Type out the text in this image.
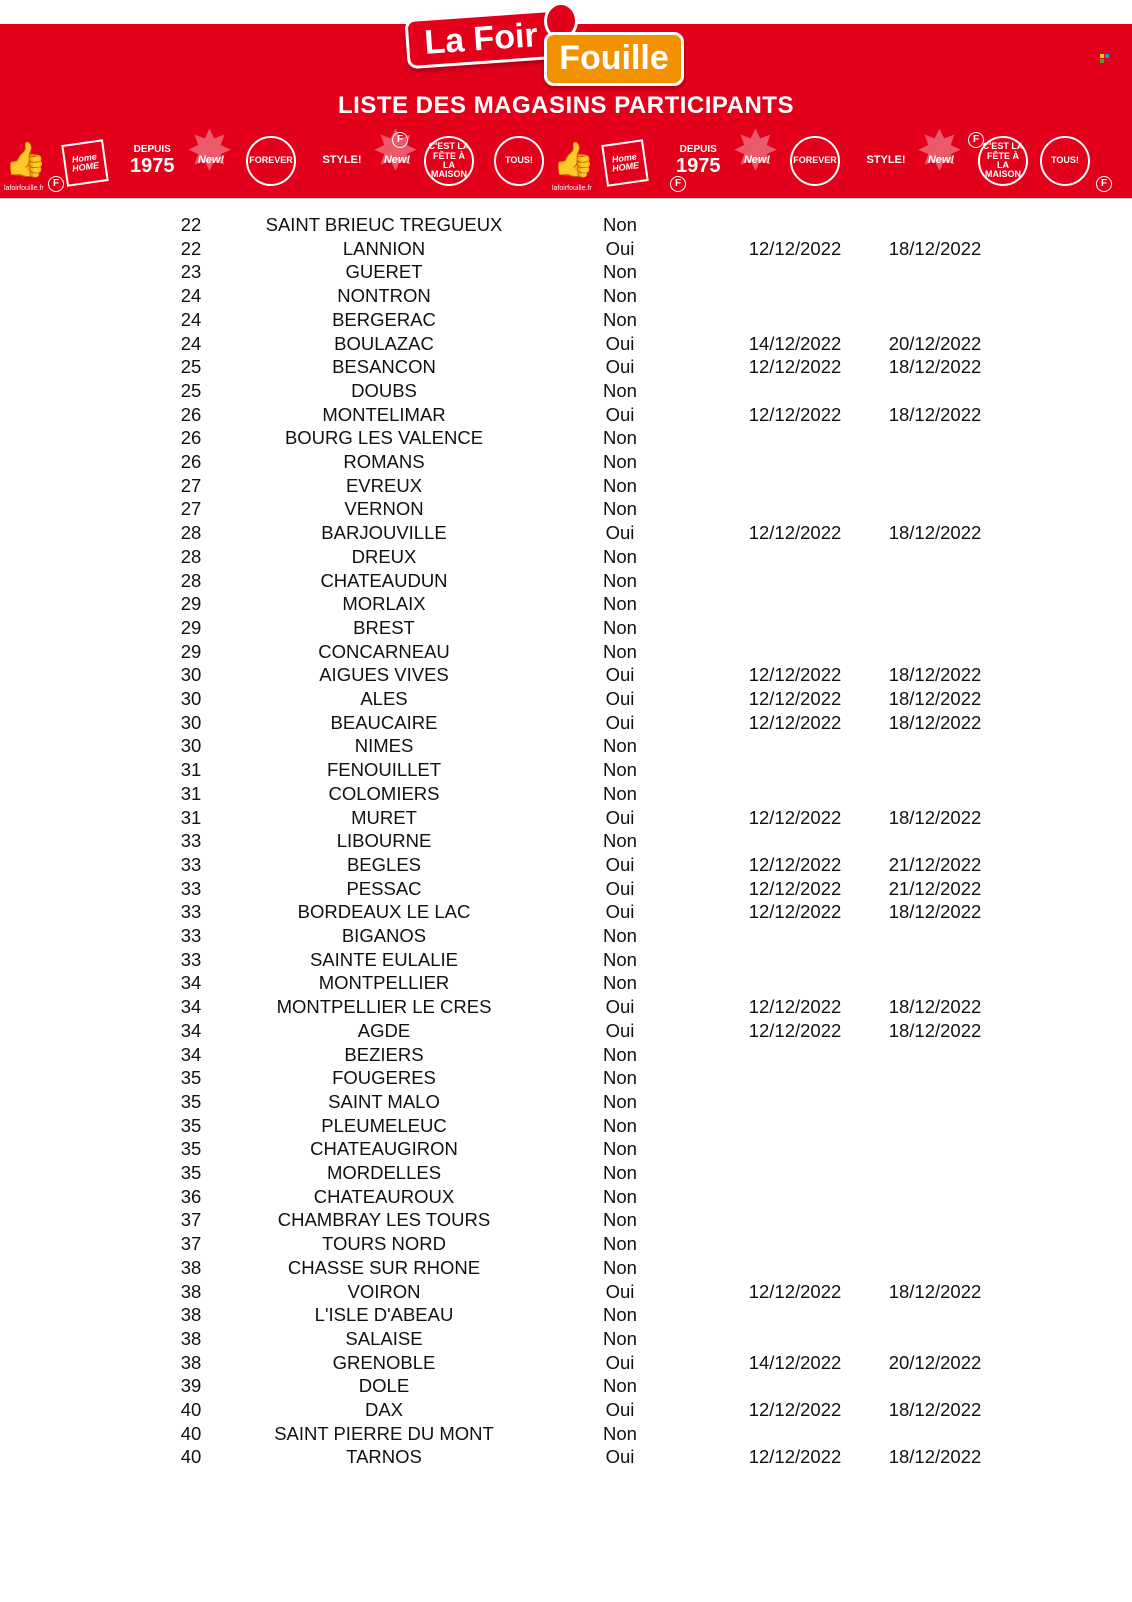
La Foir Fouille
LISTE DES MAGASINS PARTICIPANTS
👍
lafoirfouille.fr
Home HOME
DEPUIS
1975 ✸ New!	FOREVER	STYLE! ✸ New!
C'EST LA FÊTE À LA MAISON
TOUS! 👍
lafoirfouille.fr
Home HOME
DEPUIS
1975 ✸ New!	FOREVER	STYLE! ✸ New!
C'EST LA FÊTE À LA MAISON
TOUS!
F
F
F
F
F
22	SAINT BRIEUC TREGUEUX	Non
22	LANNION	Oui	12/12/2022	18/12/2022
23	GUERET	Non
24	NONTRON	Non
24	BERGERAC	Non
24	BOULAZAC	Oui	14/12/2022	20/12/2022
25	BESANCON	Oui	12/12/2022	18/12/2022
25	DOUBS	Non
26	MONTELIMAR	Oui	12/12/2022	18/12/2022
26	BOURG LES VALENCE	Non
26	ROMANS	Non
27	EVREUX	Non
27	VERNON	Non
28	BARJOUVILLE	Oui	12/12/2022	18/12/2022
28	DREUX	Non
28	CHATEAUDUN	Non
29	MORLAIX	Non
29	BREST	Non
29	CONCARNEAU	Non
30	AIGUES VIVES	Oui	12/12/2022	18/12/2022
30	ALES	Oui	12/12/2022	18/12/2022
30	BEAUCAIRE	Oui	12/12/2022	18/12/2022
30	NIMES	Non
31	FENOUILLET	Non
31	COLOMIERS	Non
31	MURET	Oui	12/12/2022	18/12/2022
33	LIBOURNE	Non
33	BEGLES	Oui	12/12/2022	21/12/2022
33	PESSAC	Oui	12/12/2022	21/12/2022
33	BORDEAUX LE LAC	Oui	12/12/2022	18/12/2022
33	BIGANOS	Non
33	SAINTE EULALIE	Non
34	MONTPELLIER	Non
34	MONTPELLIER LE CRES	Oui	12/12/2022	18/12/2022
34	AGDE	Oui	12/12/2022	18/12/2022
34	BEZIERS	Non
35	FOUGERES	Non
35	SAINT MALO	Non
35	PLEUMELEUC	Non
35	CHATEAUGIRON	Non
35	MORDELLES	Non
36	CHATEAUROUX	Non
37	CHAMBRAY LES TOURS	Non
37	TOURS NORD	Non
38	CHASSE SUR RHONE	Non
38	VOIRON	Oui	12/12/2022	18/12/2022
38	L'ISLE D'ABEAU	Non
38	SALAISE	Non
38	GRENOBLE	Oui	14/12/2022	20/12/2022
39	DOLE	Non
40	DAX	Oui	12/12/2022	18/12/2022
40	SAINT PIERRE DU MONT	Non
40	TARNOS	Oui	12/12/2022	18/12/2022
